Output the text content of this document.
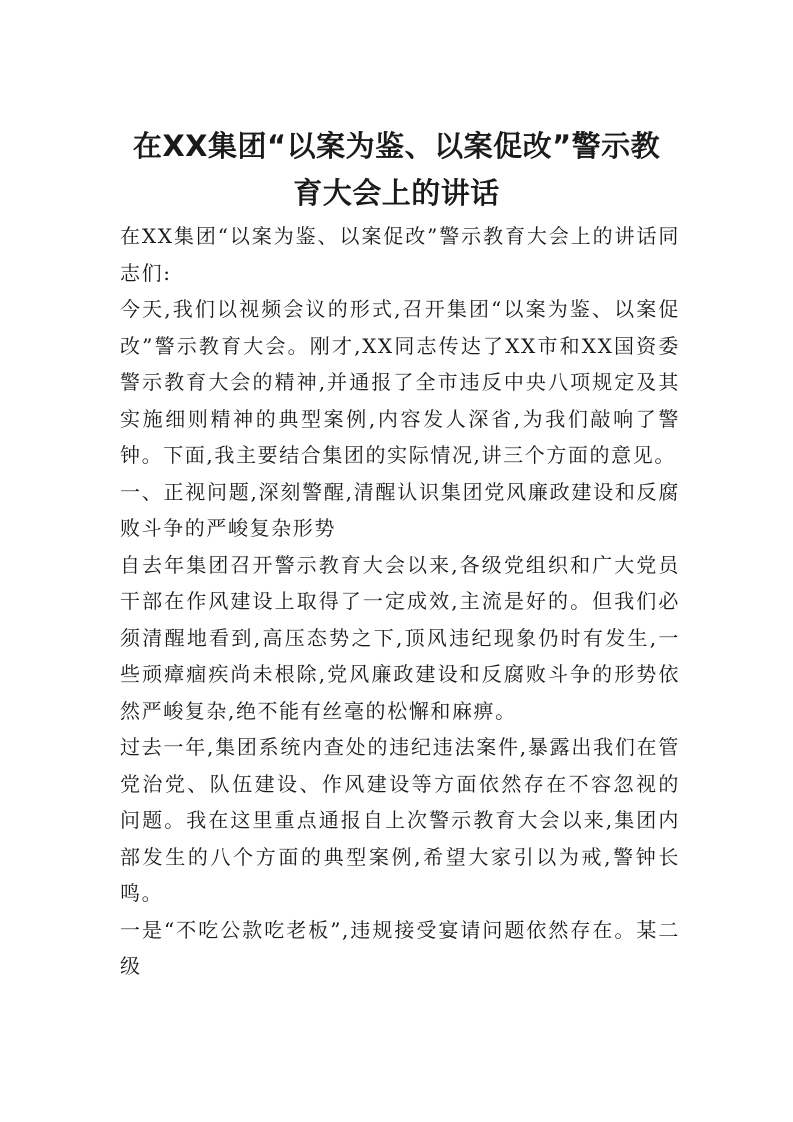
在XX集团“以案为鉴、以案促改”警示教
育大会上的讲话

在XX集团“以案为鉴、以案促改”警示教育大会上的讲话同志们:

今天,我们以视频会议的形式,召开集团“以案为鉴、以案促改”警示教育大会。刚才,XX同志传达了XX市和XX国资委警示教育大会的精神,并通报了全市违反中央八项规定及其实施细则精神的典型案例,内容发人深省,为我们敲响了警钟。下面,我主要结合集团的实际情况,讲三个方面的意见。

一、正视问题,深刻警醒,清醒认识集团党风廉政建设和反腐败斗争的严峻复杂形势

自去年集团召开警示教育大会以来,各级党组织和广大党员干部在作风建设上取得了一定成效,主流是好的。但我们必须清醒地看到,高压态势之下,顶风违纪现象仍时有发生,一些顽瘴痼疾尚未根除,党风廉政建设和反腐败斗争的形势依然严峻复杂,绝不能有丝毫的松懈和麻痹。

过去一年,集团系统内查处的违纪违法案件,暴露出我们在管党治党、队伍建设、作风建设等方面依然存在不容忽视的问题。我在这里重点通报自上次警示教育大会以来,集团内部发生的八个方面的典型案例,希望大家引以为戒,警钟长鸣。

一是“不吃公款吃老板”,违规接受宴请问题依然存在。某二级
